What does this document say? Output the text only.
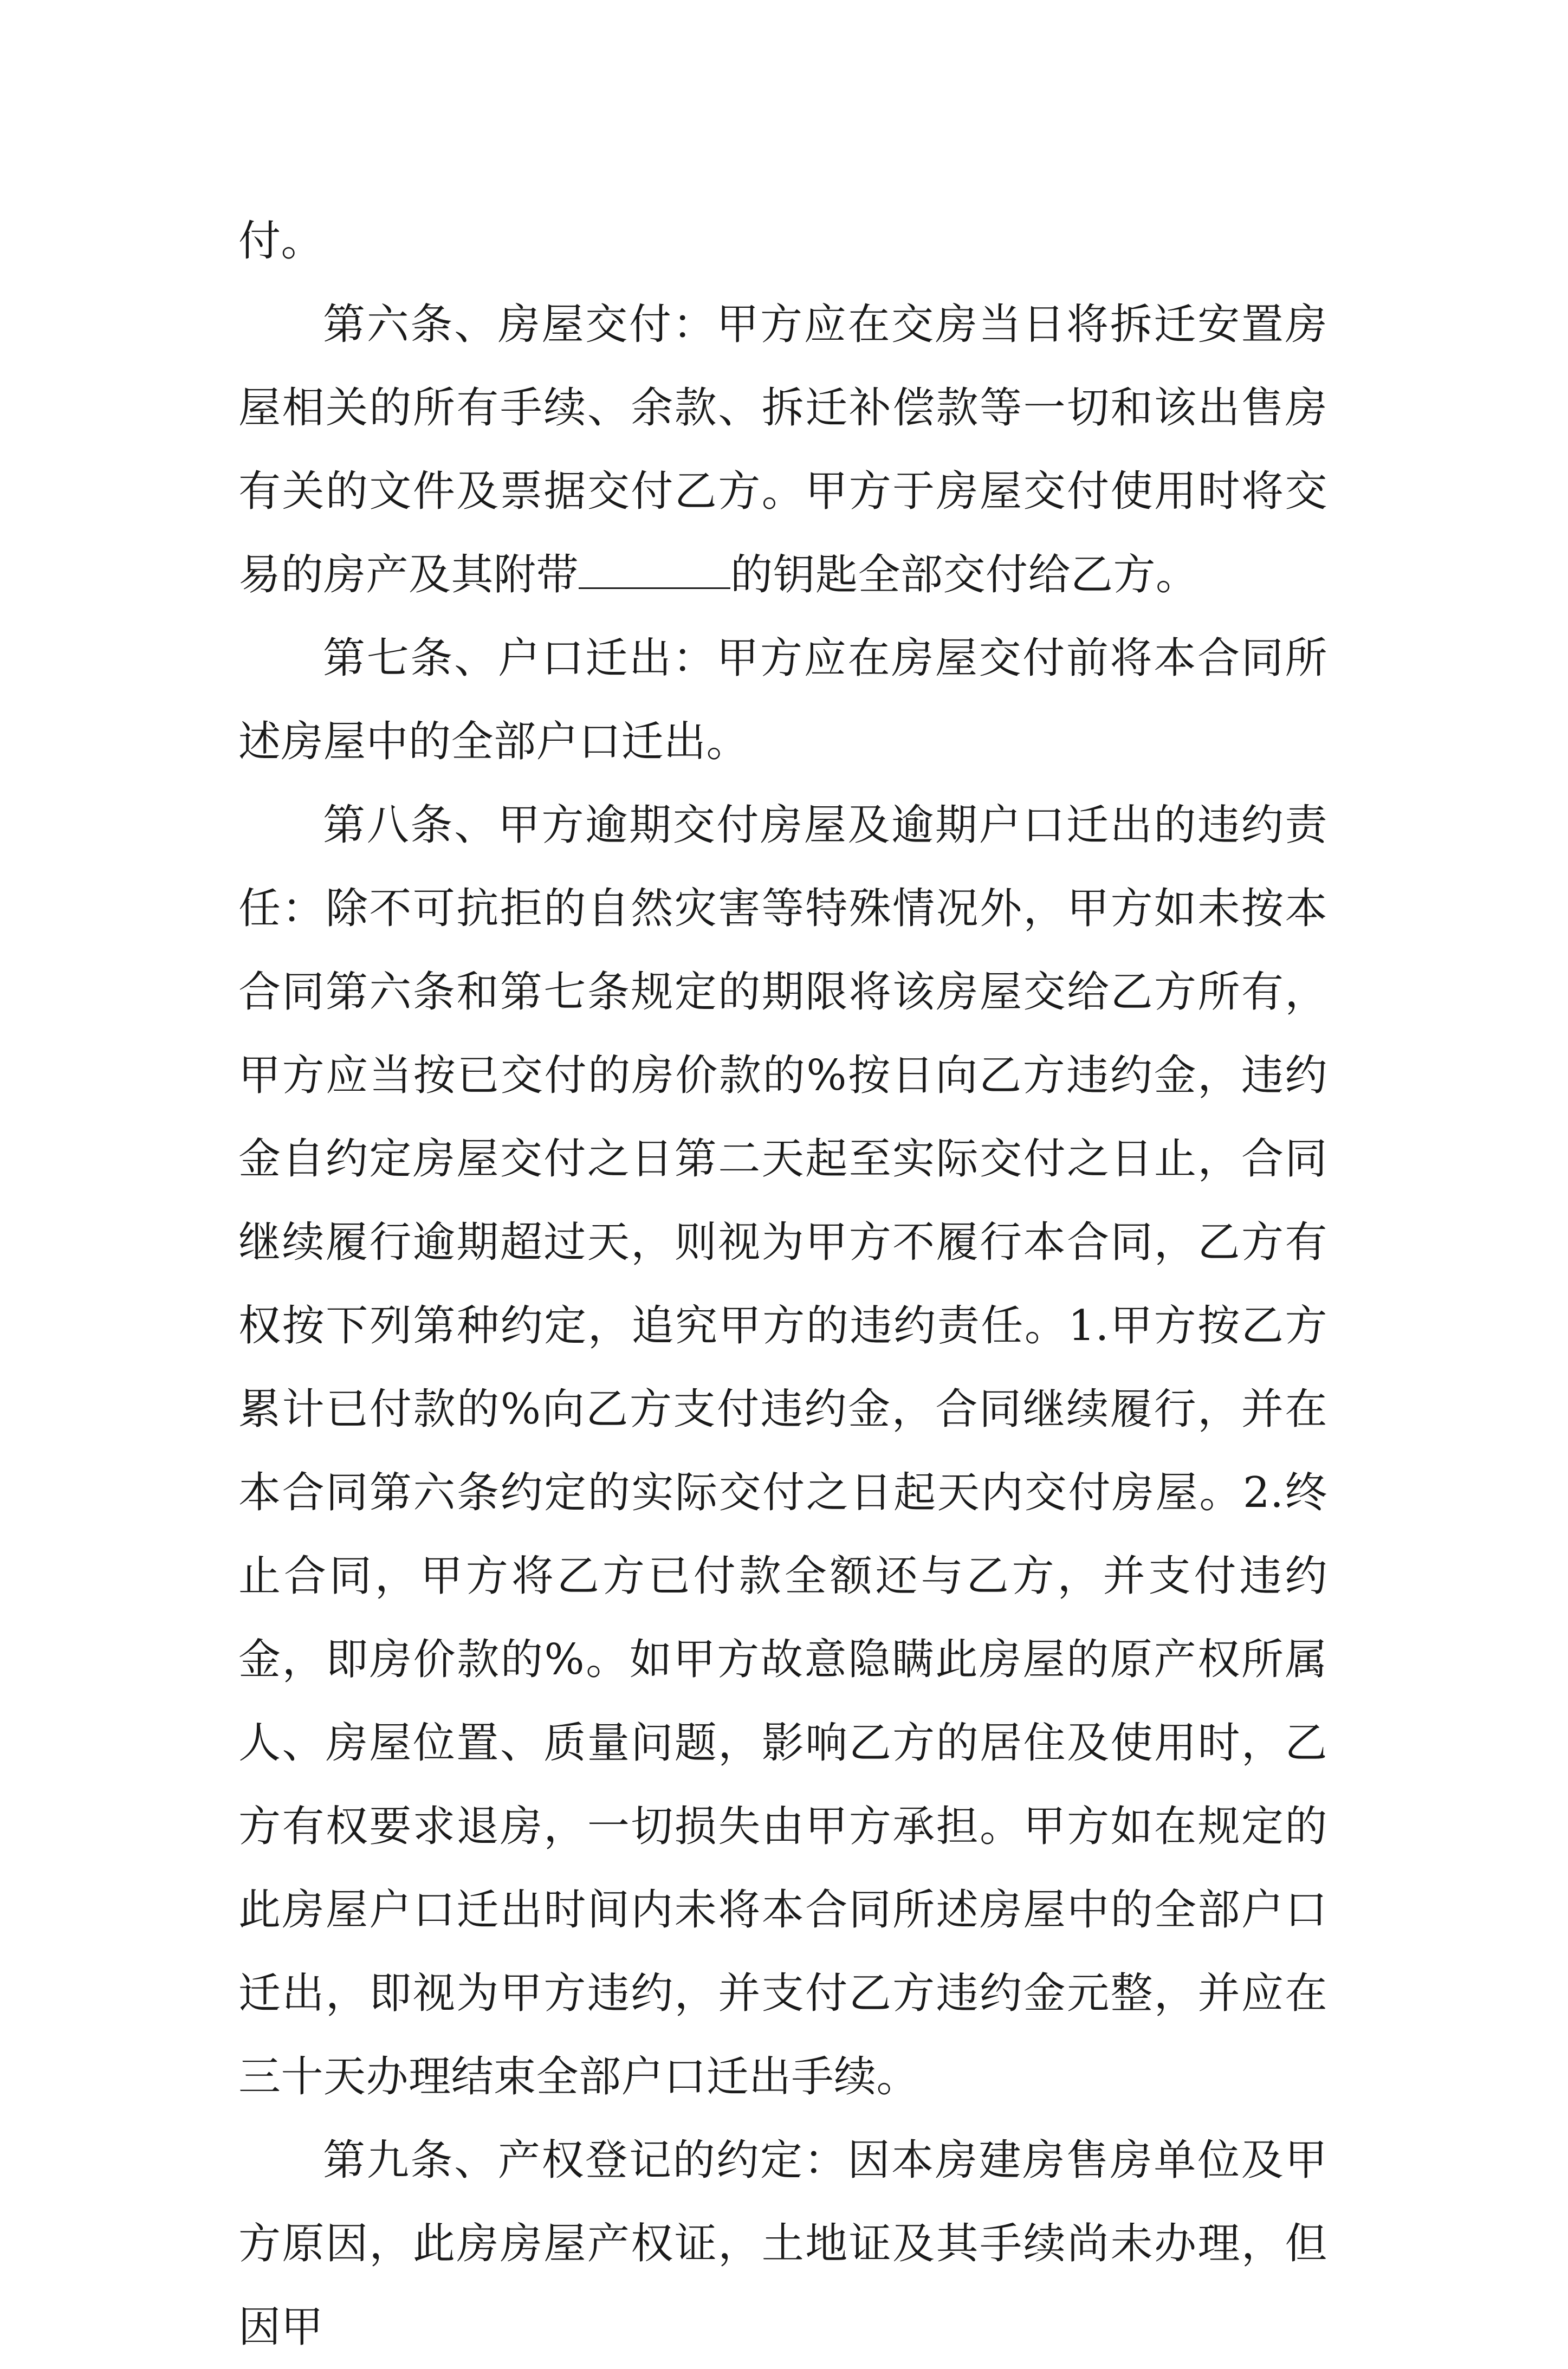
付。

第六条、房屋交付：甲方应在交房当日将拆迁安置房屋相关的所有手续、余款、拆迁补偿款等一切和该出售房有关的文件及票据交付乙方。甲方于房屋交付使用时将交易的房产及其附带	的钥匙全部交付给乙方。

第七条、户口迁出：甲方应在房屋交付前将本合同所述房屋中的全部户口迁出。

第八条、甲方逾期交付房屋及逾期户口迁出的违约责任：除不可抗拒的自然灾害等特殊情况外，甲方如未按本合同第六条和第七条规定的期限将该房屋交给乙方所有，甲方应当按已交付的房价款的%按日向乙方违约金，违约金自约定房屋交付之日第二天起至实际交付之日止，合同继续履行逾期超过天，则视为甲方不履行本合同，乙方有权按下列第种约定，追究甲方的违约责任。1.甲方按乙方累计已付款的%向乙方支付违约金，合同继续履行，并在本合同第六条约定的实际交付之日起天内交付房屋。2.终止合同，甲方将乙方已付款全额还与乙方，并支付违约金，即房价款的%。如甲方故意隐瞒此房屋的原产权所属人、房屋位置、质量问题，影响乙方的居住及使用时，乙方有权要求退房，一切损失由甲方承担。甲方如在规定的此房屋户口迁出时间内未将本合同所述房屋中的全部户口迁出，即视为甲方违约，并支付乙方违约金元整，并应在三十天办理结束全部户口迁出手续。

第九条、产权登记的约定：因本房建房售房单位及甲方原因，此房房屋产权证，土地证及其手续尚未办理，但因甲
